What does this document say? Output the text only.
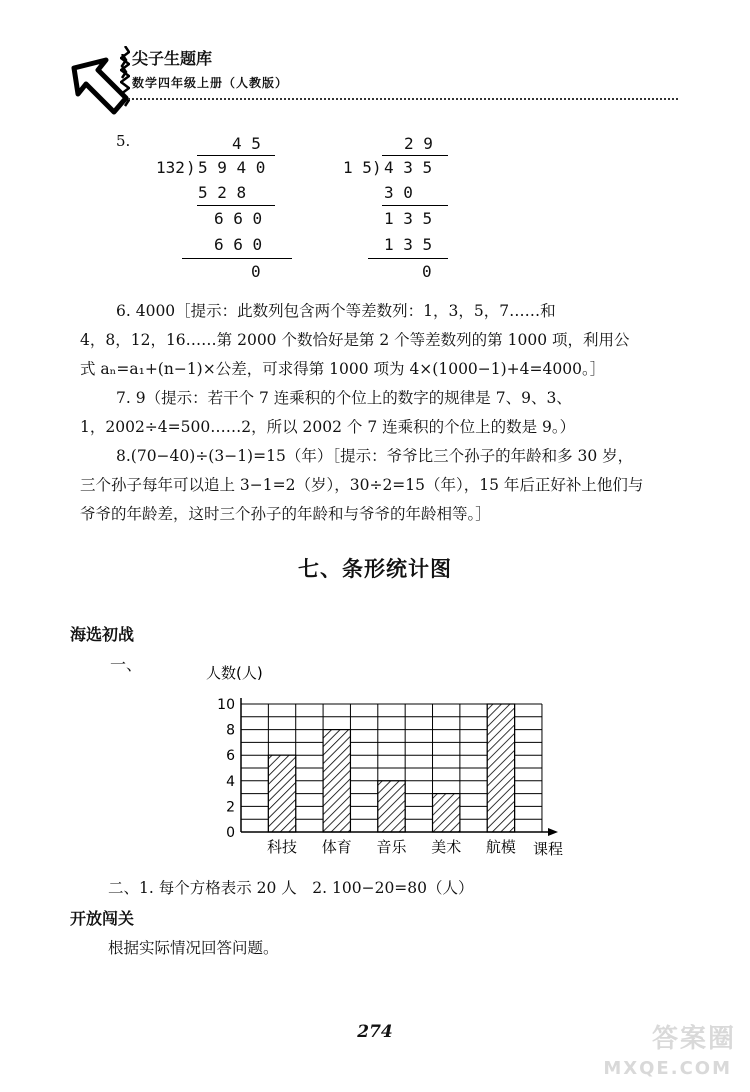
尖子生题库
数学四年级上册（人教版）
5.	4 5
132 ) 5 9 4 0
5 2 8
6 6 0
6 6 0
0
2 9
1 5 ) 4 3 5
3 0
1 3 5
1 3 5
0
6. 4000［提示：此数列包含两个等差数列：1，3，5，7……和
4，8，12，16……第 2000 个数恰好是第 2 个等差数列的第 1000 项，利用公
式 aₙ=a₁+(n−1)×公差，可求得第 1000 项为 4×(1000−1)+4=4000。］
7. 9（提示：若干个 7 连乘积的个位上的数字的规律是 7、9、3、
1，2002÷4=500……2，所以 2002 个 7 连乘积的个位上的数是 9。）
8.(70−40)÷(3−1)=15（年）［提示：爷爷比三个孙子的年龄和多 30 岁，
三个孙子每年可以追上 3−1=2（岁），30÷2=15（年），15 年后正好补上他们与
爷爷的年龄差，这时三个孙子的年龄和与爷爷的年龄相等。］
七、条形统计图
海选初战
一、
科技 体育 音乐 美术 航模
0
2
4
6
8
10
人数(人)
课程
二、1. 每个方格表示 20 人　2. 100−20=80（人）
开放闯关
根据实际情况回答问题。
274	答案圈
MXQE.COM
